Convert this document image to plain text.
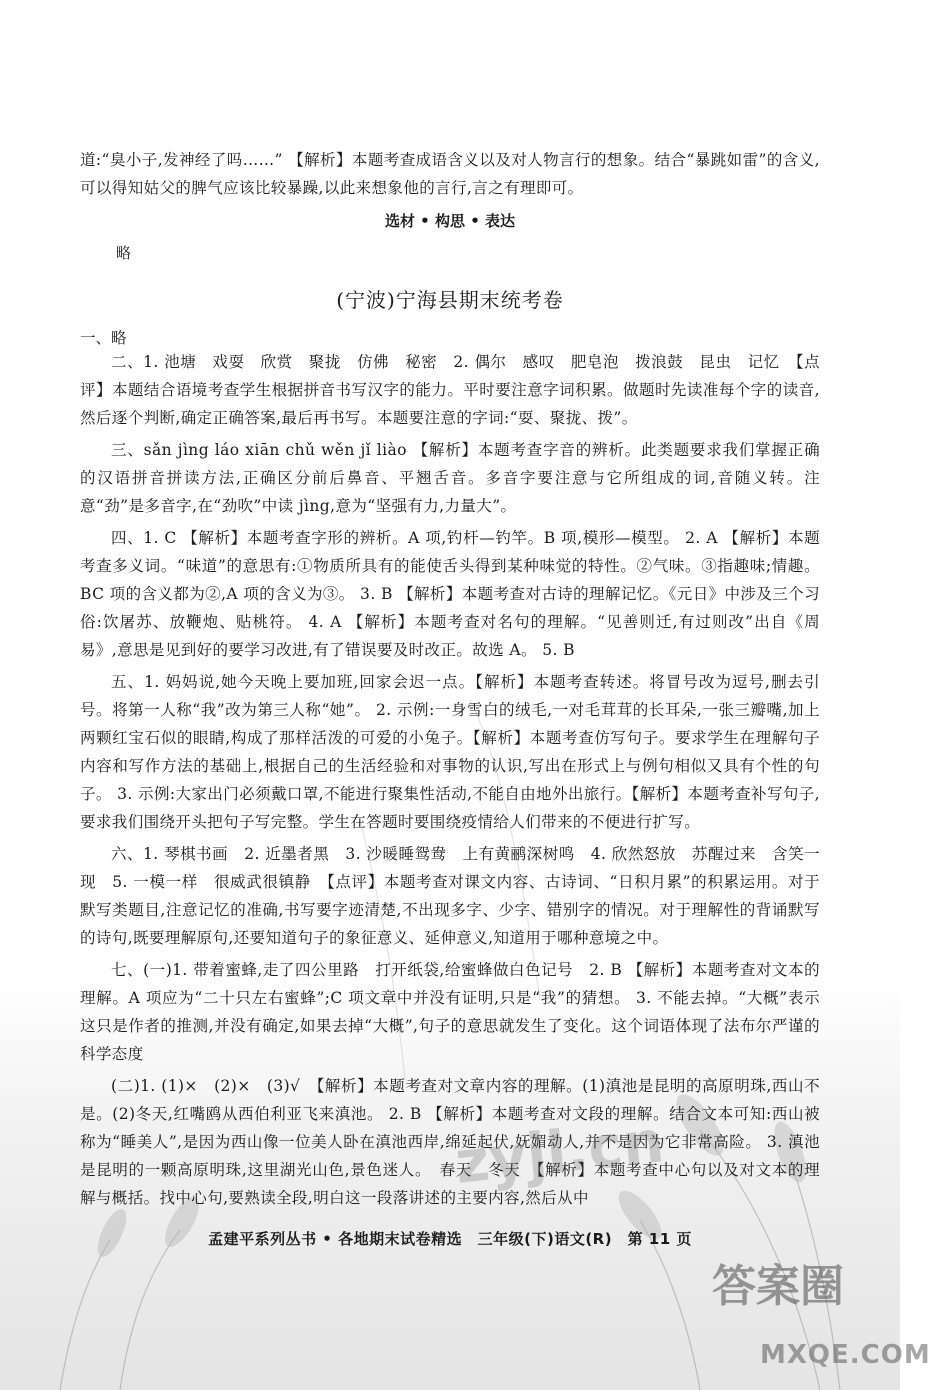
道:“臭小子,发神经了吗……” 【解析】本题考查成语含义以及对人物言行的想象。结合“暴跳如雷”的含义,可以得知姑父的脾气应该比较暴躁,以此来想象他的言行,言之有理即可。

选材 • 构思 • 表达
略
(宁波)宁海县期末统考卷
一、略

二、1. 池塘　戏耍　欣赏　聚拢　仿佛　秘密　2. 偶尔　感叹　肥皂泡　拨浪鼓　昆虫　记忆　【点评】本题结合语境考查学生根据拼音书写汉字的能力。平时要注意字词积累。做题时先读准每个字的读音,然后逐个判断,确定正确答案,最后再书写。本题要注意的字词:“耍、聚拢、拨”。

三、sǎn jìng láo xiān chǔ wěn jǐ liào 【解析】本题考查字音的辨析。此类题要求我们掌握正确的汉语拼音拼读方法,正确区分前后鼻音、平翘舌音。多音字要注意与它所组成的词,音随义转。注意“劲”是多音字,在“劲吹”中读 jìng,意为“坚强有力,力量大”。

四、1. C 【解析】本题考查字形的辨析。A 项,钓杆—钓竿。B 项,模形—模型。 2. A 【解析】本题考查多义词。“味道”的意思有:①物质所具有的能使舌头得到某种味觉的特性。②气味。③指趣味;情趣。BC 项的含义都为②,A 项的含义为③。 3. B 【解析】本题考查对古诗的理解记忆。《元日》中涉及三个习俗:饮屠苏、放鞭炮、贴桃符。 4. A 【解析】本题考查对名句的理解。“见善则迁,有过则改”出自《周易》,意思是见到好的要学习改进,有了错误要及时改正。故选 A。 5. B

五、1. 妈妈说,她今天晚上要加班,回家会迟一点。【解析】本题考查转述。将冒号改为逗号,删去引号。将第一人称“我”改为第三人称“她”。 2. 示例:一身雪白的绒毛,一对毛茸茸的长耳朵,一张三瓣嘴,加上两颗红宝石似的眼睛,构成了那样活泼的可爱的小兔子。【解析】本题考查仿写句子。要求学生在理解句子内容和写作方法的基础上,根据自己的生活经验和对事物的认识,写出在形式上与例句相似又具有个性的句子。 3. 示例:大家出门必须戴口罩,不能进行聚集性活动,不能自由地外出旅行。【解析】本题考查补写句子,要求我们围绕开头把句子写完整。学生在答题时要围绕疫情给人们带来的不便进行扩写。

六、1. 琴棋书画　2. 近墨者黑　3. 沙暖睡鸳鸯　上有黄鹂深树鸣　4. 欣然怒放　苏醒过来　含笑一现　5. 一模一样　很威武很镇静　【点评】本题考查对课文内容、古诗词、“日积月累”的积累运用。对于默写类题目,注意记忆的准确,书写要字迹清楚,不出现多字、少字、错别字的情况。对于理解性的背诵默写的诗句,既要理解原句,还要知道句子的象征意义、延伸意义,知道用于哪种意境之中。

七、(一)1. 带着蜜蜂,走了四公里路　打开纸袋,给蜜蜂做白色记号　2. B 【解析】本题考查对文本的理解。A 项应为“二十只左右蜜蜂”;C 项文章中并没有证明,只是“我”的猜想。 3. 不能去掉。“大概”表示这只是作者的推测,并没有确定,如果去掉“大概”,句子的意思就发生了变化。这个词语体现了法布尔严谨的科学态度

(二)1. (1)×　(2)×　(3)√　【解析】本题考查对文章内容的理解。(1)滇池是昆明的高原明珠,西山不是。(2)冬天,红嘴鸥从西伯利亚飞来滇池。 2. B 【解析】本题考查对文段的理解。结合文本可知:西山被称为“睡美人”,是因为西山像一位美人卧在滇池西岸,绵延起伏,妩媚动人,并不是因为它非常高险。 3. 滇池是昆明的一颗高原明珠,这里湖光山色,景色迷人。　春天　冬天　【解析】本题考查中心句以及对文本的理解与概括。找中心句,要熟读全段,明白这一段落讲述的主要内容,然后从中

孟建平系列丛书 • 各地期末试卷精选　三年级(下)语文(R)　第 11 页
zyjl.cn
答案圈
MXQE.COM
